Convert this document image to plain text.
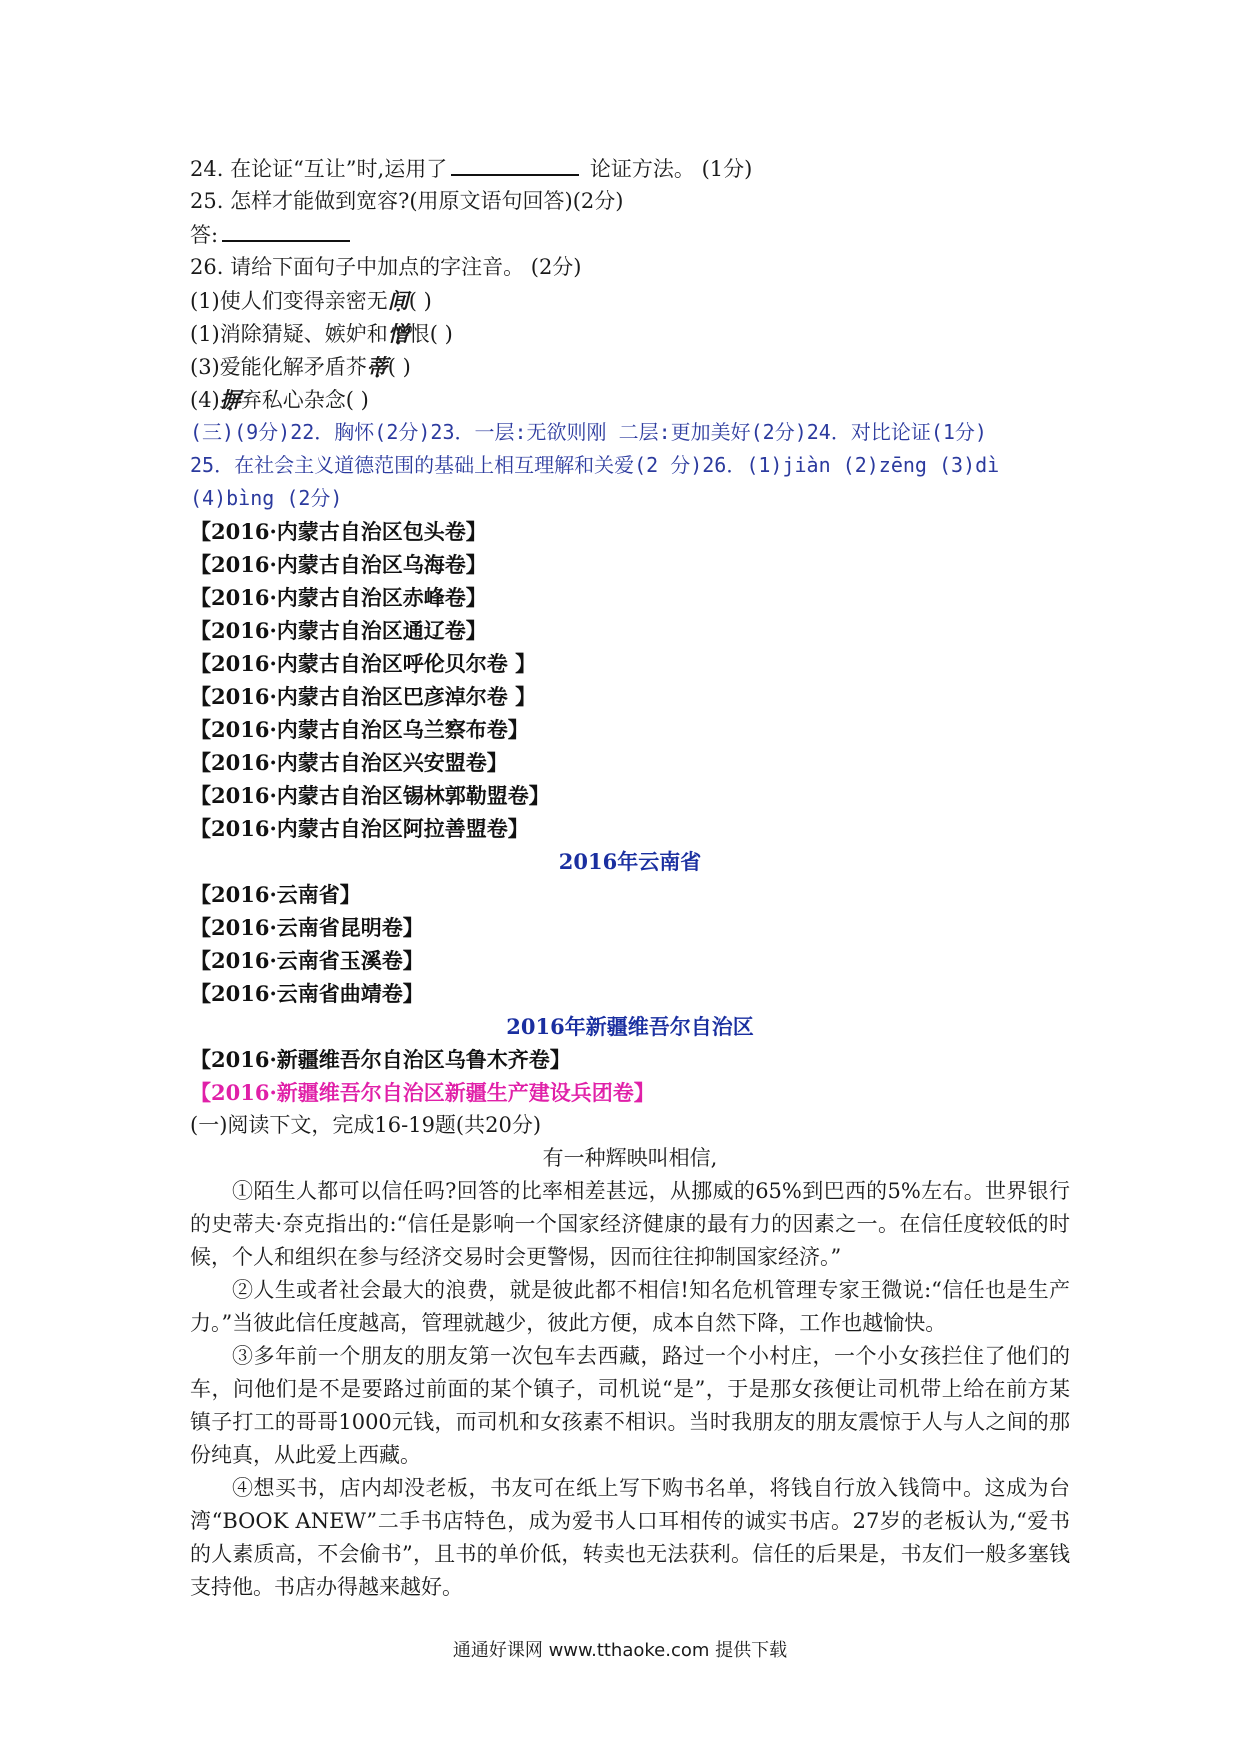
24. 在论证“互让”时,运用了	论证方法。 (1分)
25. 怎样才能做到宽容?(用原文语句回答)(2分)
答:
26. 请给下面句子中加点的字注音。 (2分)
(1)使人们变得亲密无间( )
(1)消除猜疑、嫉妒和憎恨( )
(3)爱能化解矛盾芥蒂( )
(4)摒弃私心杂念( )
(三)(9分)22．胸怀(2分)23．一层:无欲则刚 二层:更加美好(2分)24．对比论证(1分)
25．在社会主义道德范围的基础上相互理解和关爱(2 分)26．(1)jiàn (2)zēng (3)dì
(4)bìng (2分)
【2016·内蒙古自治区包头卷】
【2016·内蒙古自治区乌海卷】
【2016·内蒙古自治区赤峰卷】
【2016·内蒙古自治区通辽卷】
【2016·内蒙古自治区呼伦贝尔卷 】
【2016·内蒙古自治区巴彦淖尔卷 】
【2016·内蒙古自治区乌兰察布卷】
【2016·内蒙古自治区兴安盟卷】
【2016·内蒙古自治区锡林郭勒盟卷】
【2016·内蒙古自治区阿拉善盟卷】
2016年云南省
【2016·云南省】
【2016·云南省昆明卷】
【2016·云南省玉溪卷】
【2016·云南省曲靖卷】
2016年新疆维吾尔自治区
【2016·新疆维吾尔自治区乌鲁木齐卷】
【2016·新疆维吾尔自治区新疆生产建设兵团卷】
(一)阅读下文，完成16-19题(共20分)
有一种辉映叫相信,

①陌生人都可以信任吗?回答的比率相差甚远，从挪威的65%到巴西的5%左右。世界银行的史蒂夫·奈克指出的:“信任是影响一个国家经济健康的最有力的因素之一。在信任度较低的时候，个人和组织在参与经济交易时会更警惕，因而往往抑制国家经济。”

②人生或者社会最大的浪费，就是彼此都不相信!知名危机管理专家王微说:“信任也是生产力。”当彼此信任度越高，管理就越少，彼此方便，成本自然下降，工作也越愉快。

③多年前一个朋友的朋友第一次包车去西藏，路过一个小村庄，一个小女孩拦住了他们的车，问他们是不是要路过前面的某个镇子，司机说“是”，于是那女孩便让司机带上给在前方某镇子打工的哥哥1000元钱，而司机和女孩素不相识。当时我朋友的朋友震惊于人与人之间的那份纯真，从此爱上西藏。

④想买书，店内却没老板，书友可在纸上写下购书名单，将钱自行放入钱筒中。这成为台湾“BOOK ANEW”二手书店特色，成为爱书人口耳相传的诚实书店。27岁的老板认为,“爱书的人素质高，不会偷书”，且书的单价低，转卖也无法获利。信任的后果是，书友们一般多塞钱支持他。书店办得越来越好。

通通好课网 www.tthaoke.com 提供下载
